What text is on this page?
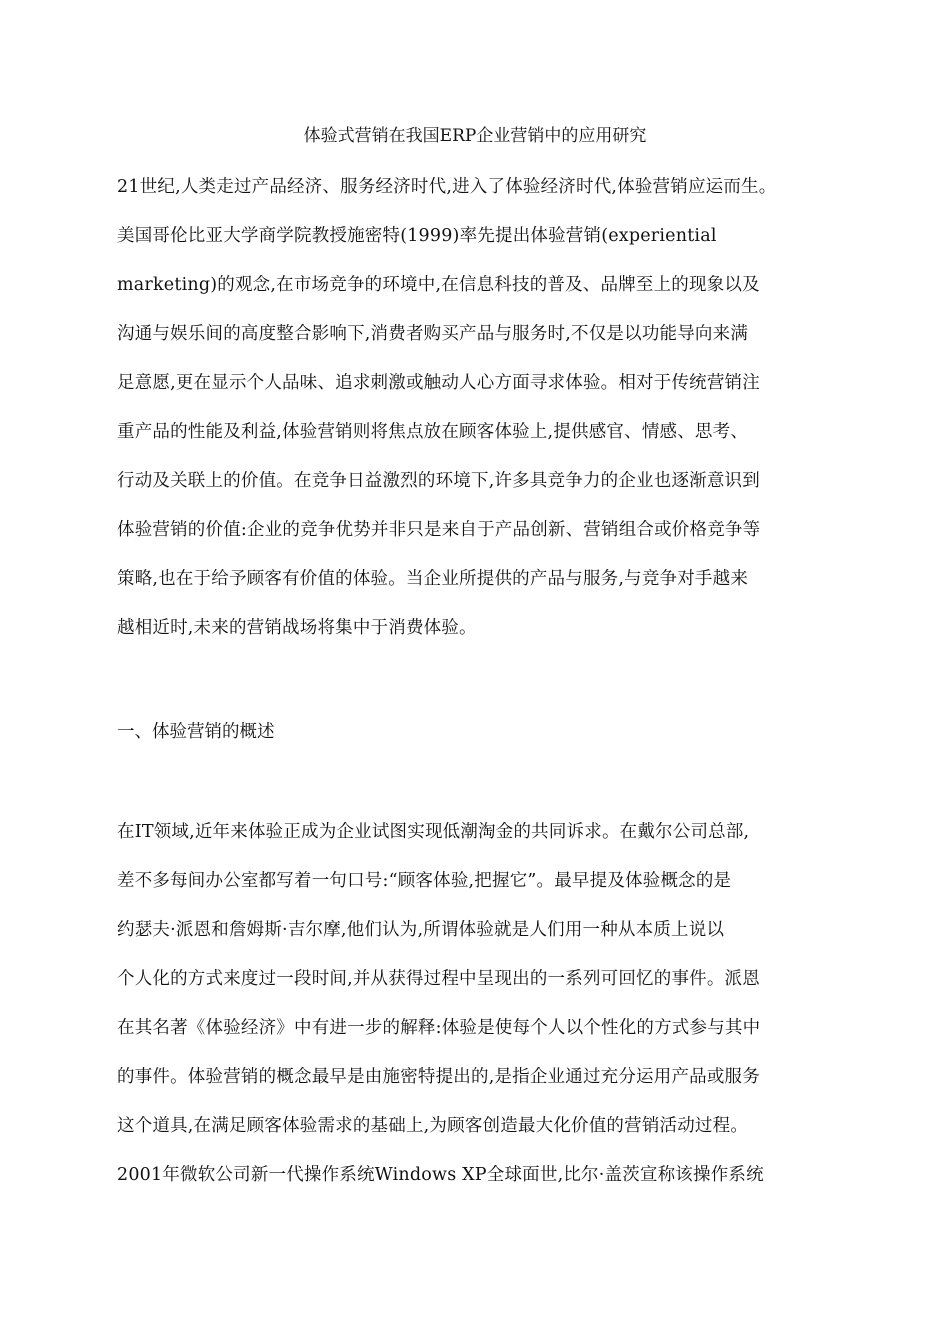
体验式营销在我国ERP企业营销中的应用研究
21世纪,人类走过产品经济、服务经济时代,进入了体验经济时代,体验营销应运而生。
美国哥伦比亚大学商学院教授施密特(1999)率先提出体验营销(experiential
marketing)的观念,在市场竞争的环境中,在信息科技的普及、品牌至上的现象以及
沟通与娱乐间的高度整合影响下,消费者购买产品与服务时,不仅是以功能导向来满
足意愿,更在显示个人品味、追求刺激或触动人心方面寻求体验。相对于传统营销注
重产品的性能及利益,体验营销则将焦点放在顾客体验上,提供感官、情感、思考、
行动及关联上的价值。在竞争日益激烈的环境下,许多具竞争力的企业也逐渐意识到
体验营销的价值:企业的竞争优势并非只是来自于产品创新、营销组合或价格竞争等
策略,也在于给予顾客有价值的体验。当企业所提供的产品与服务,与竞争对手越来
越相近时,未来的营销战场将集中于消费体验。
一、体验营销的概述
在IT领域,近年来体验正成为企业试图实现低潮淘金的共同诉求。在戴尔公司总部,
差不多每间办公室都写着一句口号:“顾客体验,把握它”。最早提及体验概念的是
约瑟夫·派恩和詹姆斯·吉尔摩,他们认为,所谓体验就是人们用一种从本质上说以
个人化的方式来度过一段时间,并从获得过程中呈现出的一系列可回忆的事件。派恩
在其名著《体验经济》中有进一步的解释:体验是使每个人以个性化的方式参与其中
的事件。体验营销的概念最早是由施密特提出的,是指企业通过充分运用产品或服务
这个道具,在满足顾客体验需求的基础上,为顾客创造最大化价值的营销活动过程。
2001年微软公司新一代操作系统Windows XP全球面世,比尔·盖茨宣称该操作系统
